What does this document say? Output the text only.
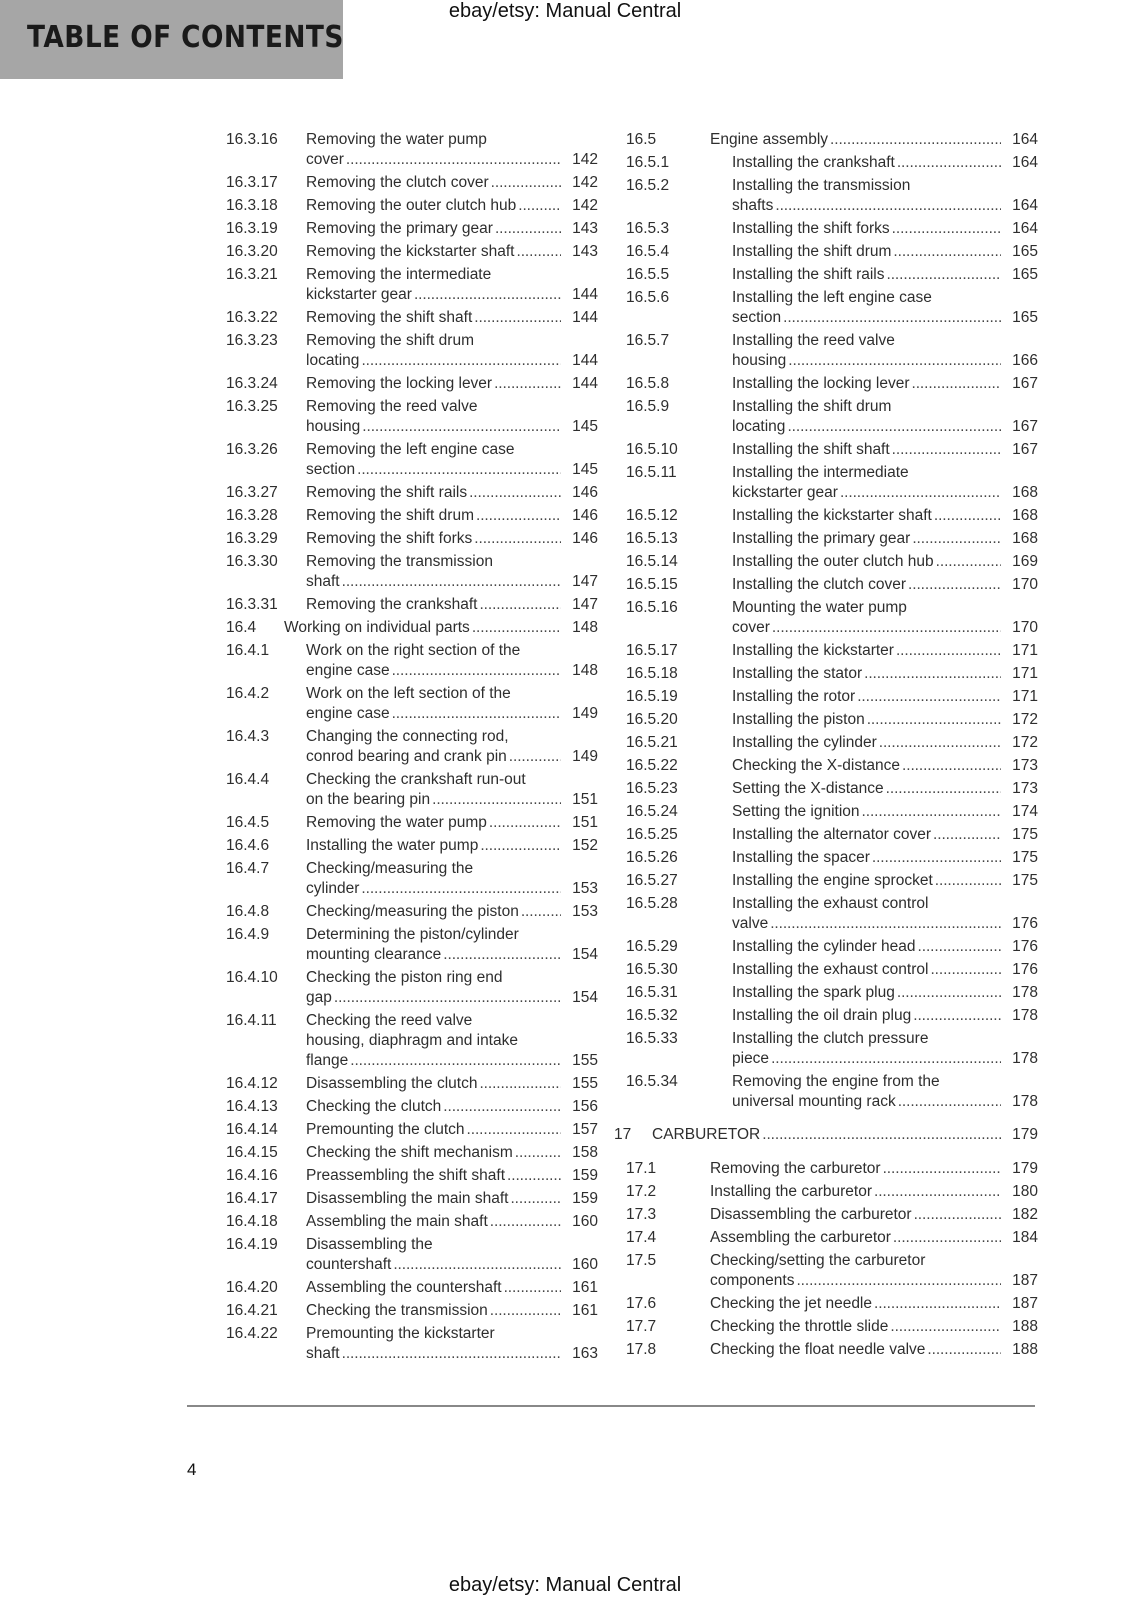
TABLE OF CONTENTS
ebay/etsy: Manual Central
16.3.16 Removing the water pump
cover . . .	142
16.3.17 Removing the clutch cover . . .	142
16.3.18 Removing the outer clutch hub . . .	142
16.3.19 Removing the primary gear . . .	143
16.3.20 Removing the kickstarter shaft . . .	143
16.3.21 Removing the intermediate
kickstarter gear . . .	144
16.3.22 Removing the shift shaft . . .	144
16.3.23 Removing the shift drum
locating . . .	144
16.3.24 Removing the locking lever . . .	144
16.3.25 Removing the reed valve
housing . . .	145
16.3.26 Removing the left engine case
section . . .	145
16.3.27 Removing the shift rails . . .	146
16.3.28 Removing the shift drum . . .	146
16.3.29 Removing the shift forks . . .	146
16.3.30 Removing the transmission
shaft . . .	147
16.3.31 Removing the crankshaft . . .	147
16.4 Working on individual parts . . .	148
16.4.1 Work on the right section of the
engine case . . .	148
16.4.2 Work on the left section of the
engine case . . .	149
16.4.3 Changing the connecting rod,
conrod bearing and crank pin . . .	149
16.4.4 Checking the crankshaft run-out
on the bearing pin . . .	151
16.4.5 Removing the water pump . . .	151
16.4.6 Installing the water pump . . .	152
16.4.7 Checking/measuring the
cylinder . . .	153
16.4.8 Checking/measuring the piston . . .	153
16.4.9 Determining the piston/cylinder
mounting clearance . . .	154
16.4.10 Checking the piston ring end
gap . . .	154
16.4.11 Checking the reed valve
housing, diaphragm and intake
flange . . .	155
16.4.12 Disassembling the clutch . . .	155
16.4.13 Checking the clutch . . .	156
16.4.14 Premounting the clutch . . .	157
16.4.15 Checking the shift mechanism . . .	158
16.4.16 Preassembling the shift shaft . . .	159
16.4.17 Disassembling the main shaft . . .	159
16.4.18 Assembling the main shaft . . .	160
16.4.19 Disassembling the
countershaft . . .	160
16.4.20 Assembling the countershaft . . .	161
16.4.21 Checking the transmission . . .	161
16.4.22 Premounting the kickstarter
shaft . . .	163
16.5	Engine assembly . . .	164
16.5.1	Installing the crankshaft . . .	164
16.5.2	Installing the transmission
shafts . . .	164
16.5.3	Installing the shift forks . . .	164
16.5.4	Installing the shift drum . . .	165
16.5.5	Installing the shift rails . . .	165
16.5.6	Installing the left engine case
section . . .	165
16.5.7	Installing the reed valve
housing . . .	166
16.5.8	Installing the locking lever . . .	167
16.5.9	Installing the shift drum
locating . . .	167
16.5.10	Installing the shift shaft . . .	167
16.5.11	Installing the intermediate
kickstarter gear . . .	168
16.5.12	Installing the kickstarter shaft . . .	168
16.5.13	Installing the primary gear . . .	168
16.5.14	Installing the outer clutch hub . . .	169
16.5.15	Installing the clutch cover . . .	170
16.5.16	Mounting the water pump
cover . . .	170
16.5.17	Installing the kickstarter . . .	171
16.5.18	Installing the stator . . .	171
16.5.19	Installing the rotor . . .	171
16.5.20	Installing the piston . . .	172
16.5.21	Installing the cylinder . . .	172
16.5.22	Checking the X-distance . . .	173
16.5.23	Setting the X-distance . . .	173
16.5.24	Setting the ignition . . .	174
16.5.25	Installing the alternator cover . . .	175
16.5.26	Installing the spacer . . .	175
16.5.27	Installing the engine sprocket . . .	175
16.5.28	Installing the exhaust control
valve . . .	176
16.5.29	Installing the cylinder head . . .	176
16.5.30	Installing the exhaust control . . .	176
16.5.31	Installing the spark plug . . .	178
16.5.32	Installing the oil drain plug . . .	178
16.5.33	Installing the clutch pressure
piece . . .	178
16.5.34	Removing the engine from the
universal mounting rack . . .	178
17 CARBURETOR . . .	179
17.1	Removing the carburetor . . .	179
17.2	Installing the carburetor . . .	180
17.3	Disassembling the carburetor . . .	182
17.4	Assembling the carburetor . . .	184
17.5	Checking/setting the carburetor
components . . .	187
17.6	Checking the jet needle . . .	187
17.7	Checking the throttle slide . . .	188
17.8	Checking the float needle valve . . .	188
4
ebay/etsy: Manual Central
